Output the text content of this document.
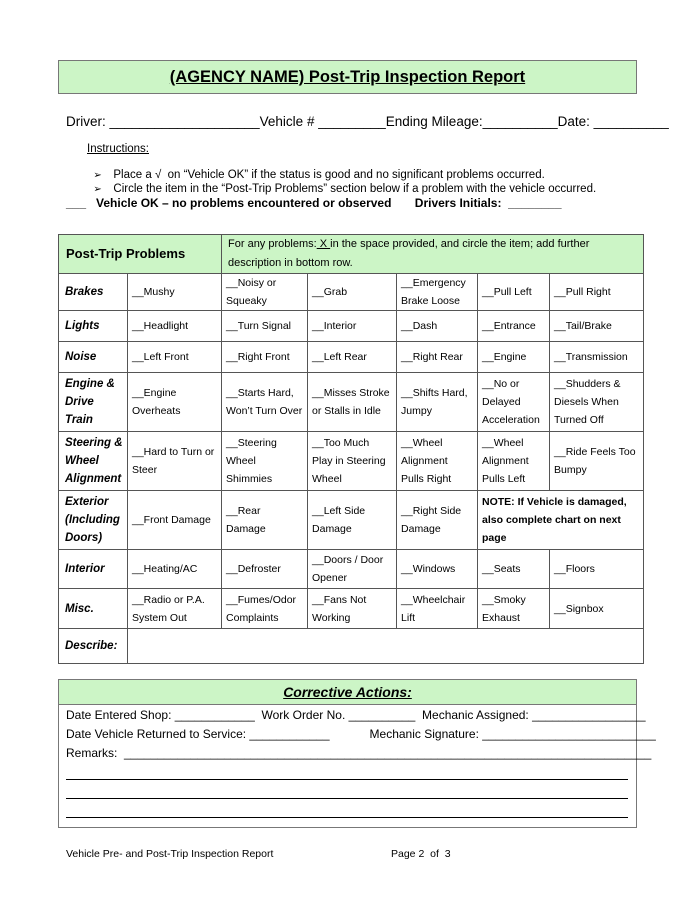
(AGENCY NAME) Post-Trip Inspection Report
Driver: ____________________Vehicle # _________Ending Mileage:__________Date: __________
Instructions:

➢ Place a √  on “Vehicle OK” if the status is good and no significant problems occurred.

➢ Circle the item in the “Post-Trip Problems” section below if a problem with the vehicle occurred.

___   Vehicle OK – no problems encountered or observed       Drivers Initials:  ________
Post-Trip Problems		For any problems: X in the space provided, and circle the item; add further description in bottom row.				
Brakes	__Mushy	__Noisy or Squeaky	__Grab	__Emergency Brake Loose	__Pull Left	__Pull Right
Lights	__Headlight	__Turn Signal	__Interior	__Dash	__Entrance	__Tail/Brake
Noise	__Left Front	__Right Front	__Left Rear	__Right Rear	__Engine	__Transmission
Engine & Drive Train	__Engine Overheats	__Starts Hard, Won’t Turn Over	__Misses Stroke or Stalls in Idle	__Shifts Hard, Jumpy	__No or Delayed Acceleration	__Shudders & Diesels When Turned Off
Steering & Wheel Alignment	__Hard to Turn or Steer	__Steering Wheel Shimmies	__Too Much Play in Steering Wheel	__Wheel Alignment Pulls Right	__Wheel Alignment Pulls Left	__Ride Feels Too Bumpy
Exterior (Including Doors)	__Front Damage	__Rear Damage	__Left Side Damage	__Right Side Damage	NOTE: If Vehicle is damaged, also complete chart on next page	
Interior	__Heating/AC	__Defroster	__Doors / Door Opener	__Windows	__Seats	__Floors
Misc.	__Radio or P.A. System Out	__Fumes/Odor Complaints	__Fans Not Working	__Wheelchair Lift	__Smoky Exhaust	__Signbox
Describe:						
Corrective Actions:
Date Entered Shop: ____________  Work Order No. __________  Mechanic Assigned: _________________
Date Vehicle Returned to Service: ____________            Mechanic Signature: __________________________
Remarks:  _______________________________________________________________________________
Vehicle Pre- and Post-Trip Inspection Report	Page 2  of  3
